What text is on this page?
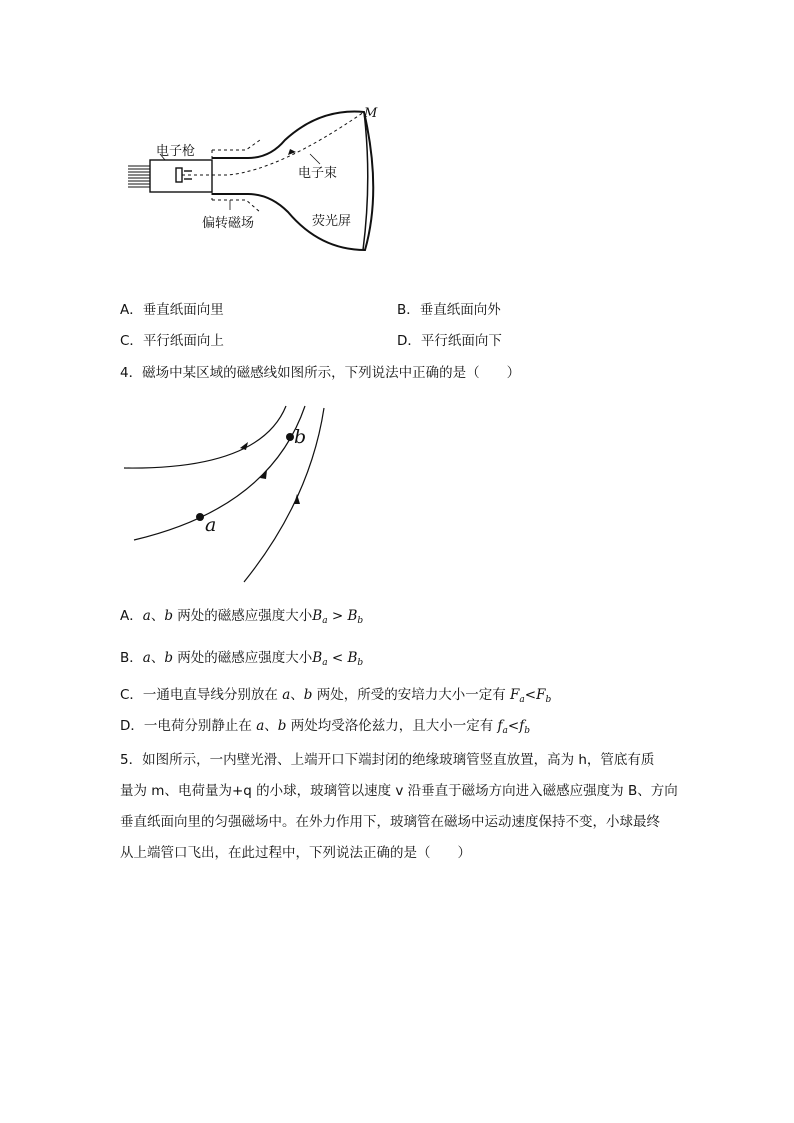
电子枪
电子束
荧光屏
偏转磁场
M
A．垂直纸面向里	B．垂直纸面向外
C．平行纸面向上	D．平行纸面向下
4．磁场中某区域的磁感线如图所示，下列说法中正确的是（　　）
a
b
A．a、b 两处的磁感应强度大小$B_a > B_b$
B．a、b 两处的磁感应强度大小$B_a < B_b$
C．一通电直导线分别放在 a、b 两处，所受的安培力大小一定有 $F_a<F_b$
D．一电荷分别静止在 a、b 两处均受洛伦兹力，且大小一定有 $f_a<f_b$
5．如图所示，一内壁光滑、上端开口下端封闭的绝缘玻璃管竖直放置，高为 h，管底有质
量为 m、电荷量为+q 的小球，玻璃管以速度 v 沿垂直于磁场方向进入磁感应强度为 B、方向
垂直纸面向里的匀强磁场中。在外力作用下，玻璃管在磁场中运动速度保持不变，小球最终
从上端管口飞出，在此过程中，下列说法正确的是（　　）
